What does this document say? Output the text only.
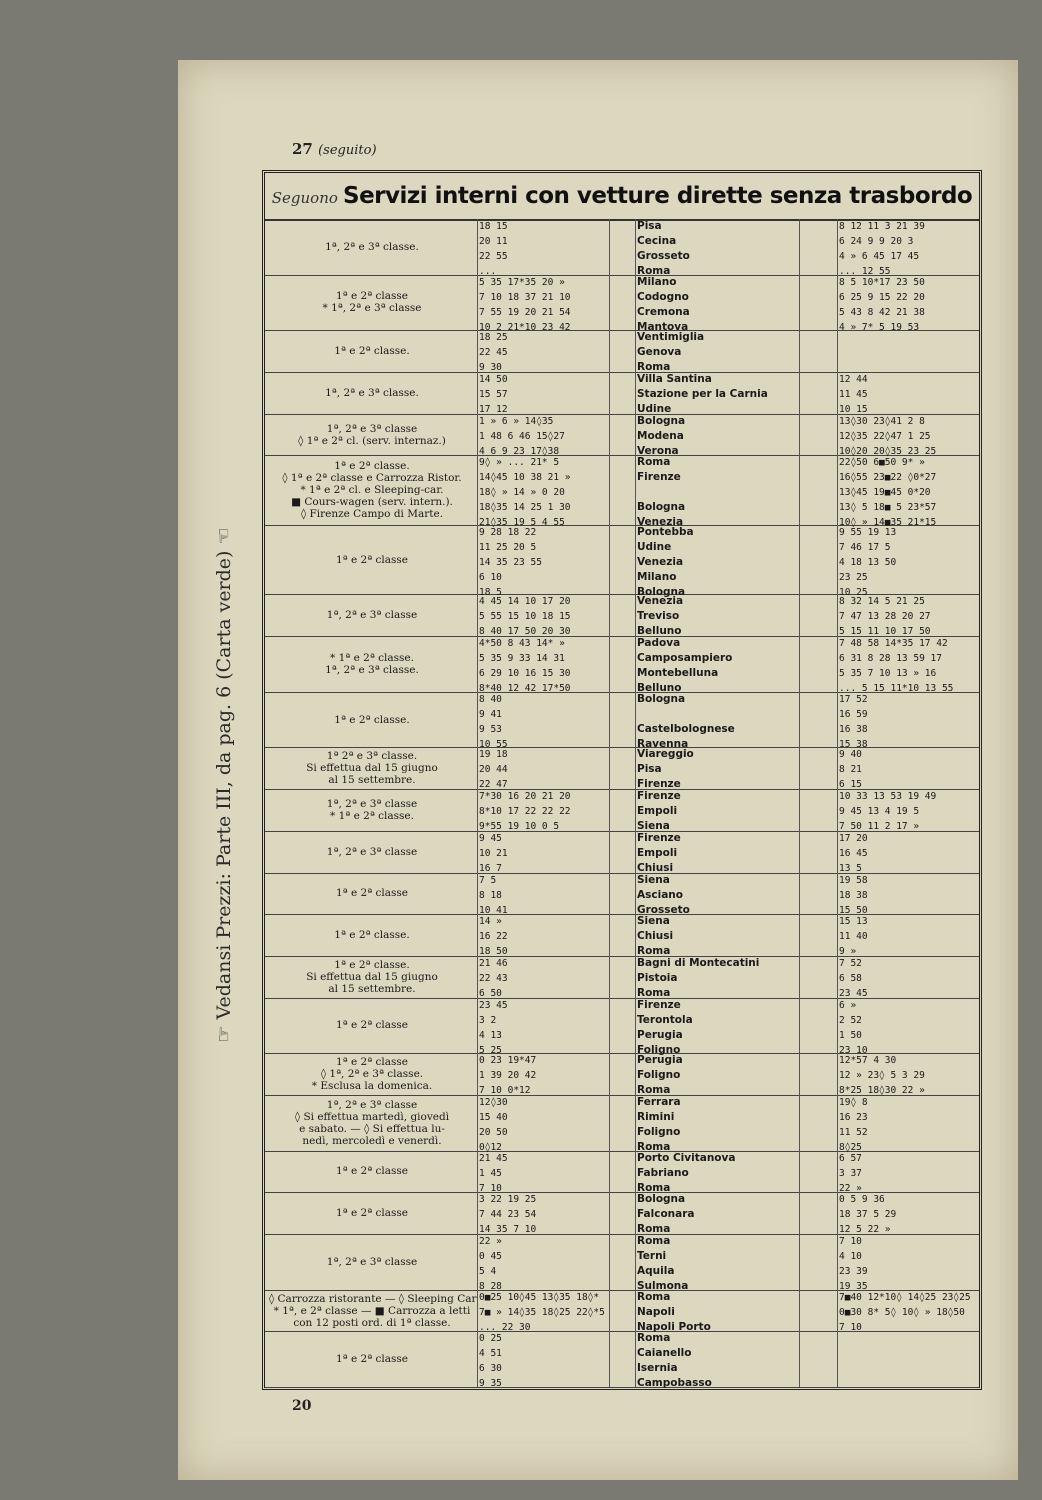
27 (seguito)
☞ Vedansi Prezzi: Parte III, da pag. 6 (Carta verde) ☜
Seguono Servizi interni con vetture dirette senza trasbordo
1ª, 2ª e 3ª classe.
18 15
20 11
22 55
...
Pisa
Cecina
Grosseto
Roma
8 12 11 3 21 39
6 24 9 9 20 3
4 » 6 45 17 45
... 12 55
1ª e 2ª classe
* 1ª, 2ª e 3ª classe
5 35 17*35 20 »
7 10 18 37 21 10
7 55 19 20 21 54
10 2 21*10 23 42
Milano
Codogno
Cremona
Mantova
8 5 10*17 23 50
6 25 9 15 22 20
5 43 8 42 21 38
4 » 7* 5 19 53
1ª e 2ª classe.
18 25
22 45
9 30
Ventimiglia
Genova
Roma
1ª, 2ª e 3ª classe.
14 50
15 57
17 12
Villa Santina
Stazione per la Carnia
Udine
12 44
11 45
10 15
1ª, 2ª e 3ª classe
◊ 1ª e 2ª cl. (serv. internaz.)
1 » 6 » 14◊35
1 48 6 46 15◊27
4 6 9 23 17◊38
Bologna
Modena
Verona
13◊30 23◊41 2 8
12◊35 22◊47 1 25
10◊20 20◊35 23 25
1ª e 2ª classe.
◊ 1ª e 2ª classe e Carrozza Ristor.
* 1ª e 2ª cl. e Sleeping-car.
■ Cours-wagen (serv. intern.).
◊ Firenze Campo di Marte.
9◊ » ... 21* 5
14◊45 10 38 21 »
18◊ » 14 » 0 20
18◊35 14 25 1 30
21◊35 19 5 4 55
Roma
Firenze

Bologna
Venezia
22◊50 6■50 9* »
16◊55 23■22 ◊0*27
13◊45 19■45 0*20
13◊ 5 18■ 5 23*57
10◊ » 14■35 21*15
1ª e 2ª classe
9 28 18 22
11 25 20 5
14 35 23 55
6 10
18 5
Pontebba
Udine
Venezia
Milano
Bologna
9 55 19 13
7 46 17 5
4 18 13 50
23 25
10 25
1ª, 2ª e 3ª classe
4 45 14 10 17 20
5 55 15 10 18 15
8 40 17 50 20 30
Venezia
Treviso
Belluno
8 32 14 5 21 25
7 47 13 28 20 27
5 15 11 10 17 50
* 1ª e 2ª classe.
1ª, 2ª e 3ª classe.
4*50 8 43 14* »
5 35 9 33 14 31
6 29 10 16 15 30
8*40 12 42 17*50
Padova
Camposampiero
Montebelluna
Belluno
7 48 58 14*35 17 42
6 31 8 28 13 59 17
5 35 7 10 13 » 16
... 5 15 11*10 13 55
1ª e 2ª classe.
8 40
9 41
9 53
10 55
Bologna

Castelbolognese
Ravenna
17 52
16 59
16 38
15 38
1ª 2ª e 3ª classe.
Si effettua dal 15 giugno
al 15 settembre.
19 18
20 44
22 47
Viareggio
Pisa
Firenze
9 40
8 21
6 15
1ª, 2ª e 3ª classe
* 1ª e 2ª classe.
7*30 16 20 21 20
8*10 17 22 22 22
9*55 19 10 0 5
Firenze
Empoli
Siena
10 33 13 53 19 49
9 45 13 4 19 5
7 50 11 2 17 »
1ª, 2ª e 3ª classe
9 45
10 21
16 7
Firenze
Empoli
Chiusi
17 20
16 45
13 5
1ª e 2ª classe
7 5
8 18
10 41
Siena
Asciano
Grosseto
19 58
18 38
15 50
1ª e 2ª classe.
14 »
16 22
18 50
Siena
Chiusi
Roma
15 13
11 40
9 »
1ª e 2ª classe.
Si effettua dal 15 giugno
al 15 settembre.
21 46
22 43
6 50
Bagni di Montecatini
Pistoia
Roma
7 52
6 58
23 45
1ª e 2ª classe
23 45
3 2
4 13
5 25
Firenze
Terontola
Perugia
Foligno
6 »
2 52
1 50
23 10
1ª e 2ª classe
◊ 1ª, 2ª e 3ª classe.
* Esclusa la domenica.
0 23 19*47
1 39 20 42
7 10 0*12
Perugia
Foligno
Roma
12*57 4 30
12 » 23◊ 5 3 29
8*25 18◊30 22 »
1ª, 2ª e 3ª classe
◊ Si effettua martedì, giovedì
e sabato. — ◊ Si effettua lu-
nedì, mercoledì e venerdì.
12◊30
15 40
20 50
0◊12
Ferrara
Rimini
Foligno
Roma
19◊ 8
16 23
11 52
8◊25
1ª e 2ª classe
21 45
1 45
7 10
Porto Civitanova
Fabriano
Roma
6 57
3 37
22 »
1ª e 2ª classe
3 22 19 25
7 44 23 54
14 35 7 10
Bologna
Falconara
Roma
0 5 9 36
18 37 5 29
12 5 22 »
1ª, 2ª e 3ª classe
22 »
0 45
5 4
8 28
Roma
Terni
Aquila
Sulmona
7 10
4 10
23 39
19 35
◊ Carrozza ristorante — ◊ Sleeping Car
* 1ª, e 2ª classe — ■ Carrozza a letti
con 12 posti ord. di 1ª classe.
0■25 10◊45 13◊35 18◊*
7■ » 14◊35 18◊25 22◊*5
... 22 30
Roma
Napoli
Napoli Porto
7■40 12*10◊ 14◊25 23◊25
0■30 8* 5◊ 10◊ » 18◊50
7 10
1ª e 2ª classe
0 25
4 51
6 30
9 35
Roma
Caianello
Isernia
Campobasso
20
